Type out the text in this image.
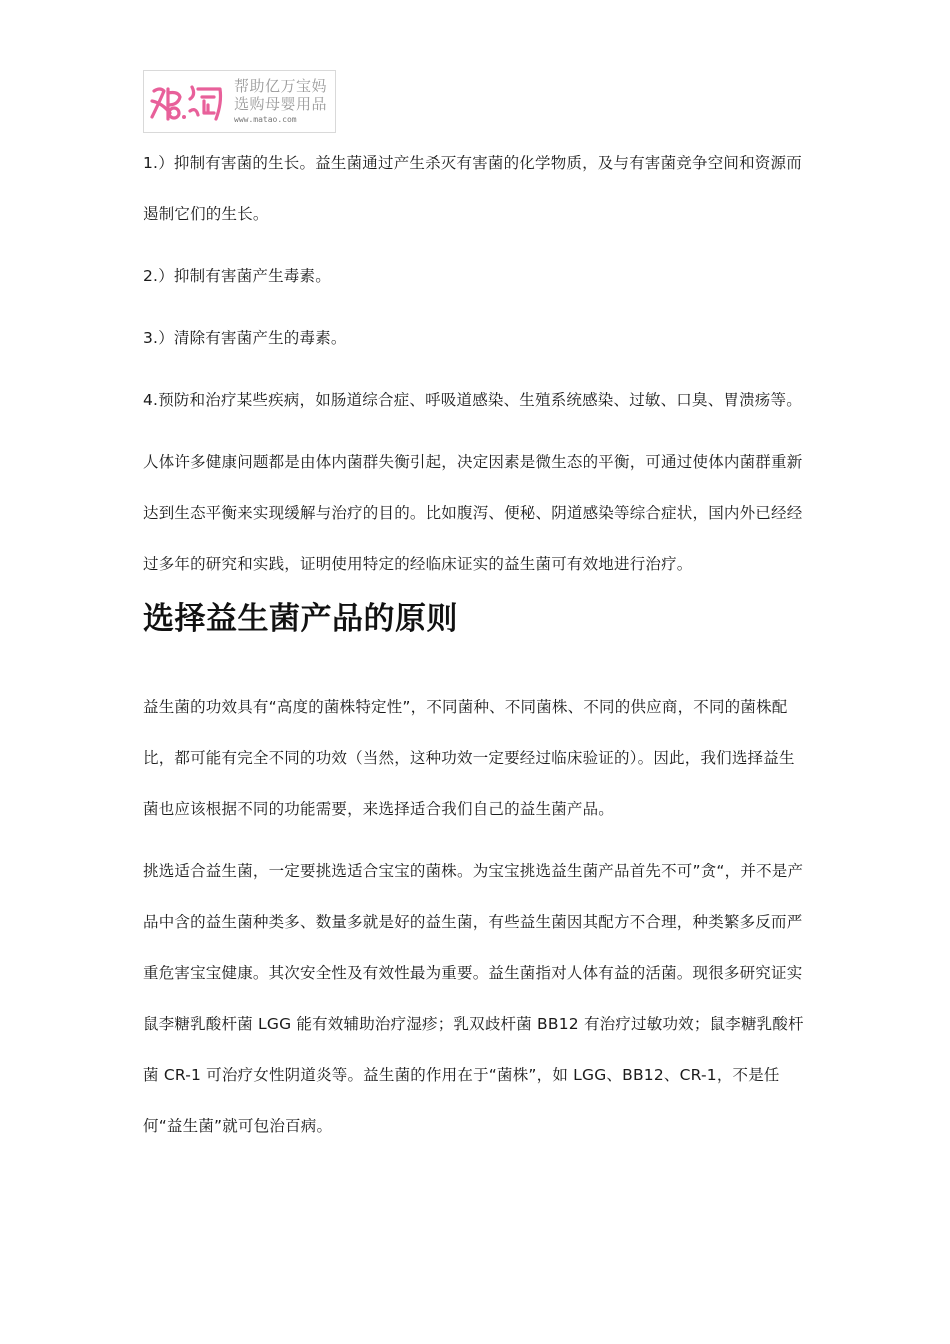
帮助亿万宝妈
选购母婴用品
www.matao.com

1.）抑制有害菌的生长。益生菌通过产生杀灭有害菌的化学物质，及与有害菌竞争空间和资源而遏制它们的生长。

2.）抑制有害菌产生毒素。

3.）清除有害菌产生的毒素。

4.预防和治疗某些疾病，如肠道综合症、呼吸道感染、生殖系统感染、过敏、口臭、胃溃疡等。

人体许多健康问题都是由体内菌群失衡引起，决定因素是微生态的平衡，可通过使体内菌群重新达到生态平衡来实现缓解与治疗的目的。比如腹泻、便秘、阴道感染等综合症状，国内外已经经过多年的研究和实践，证明使用特定的经临床证实的益生菌可有效地进行治疗。

选择益生菌产品的原则

益生菌的功效具有“高度的菌株特定性”，不同菌种、不同菌株、不同的供应商，不同的菌株配比，都可能有完全不同的功效（当然，这种功效一定要经过临床验证的）。因此，我们选择益生菌也应该根据不同的功能需要，来选择适合我们自己的益生菌产品。

挑选适合益生菌，一定要挑选适合宝宝的菌株。为宝宝挑选益生菌产品首先不可”贪“，并不是产品中含的益生菌种类多、数量多就是好的益生菌，有些益生菌因其配方不合理，种类繁多反而严重危害宝宝健康。其次安全性及有效性最为重要。益生菌指对人体有益的活菌。现很多研究证实鼠李糖乳酸杆菌 LGG 能有效辅助治疗湿疹；乳双歧杆菌 BB12 有治疗过敏功效；鼠李糖乳酸杆菌 CR-1 可治疗女性阴道炎等。益生菌的作用在于“菌株”，如 LGG、BB12、CR-1，不是任何“益生菌”就可包治百病。
